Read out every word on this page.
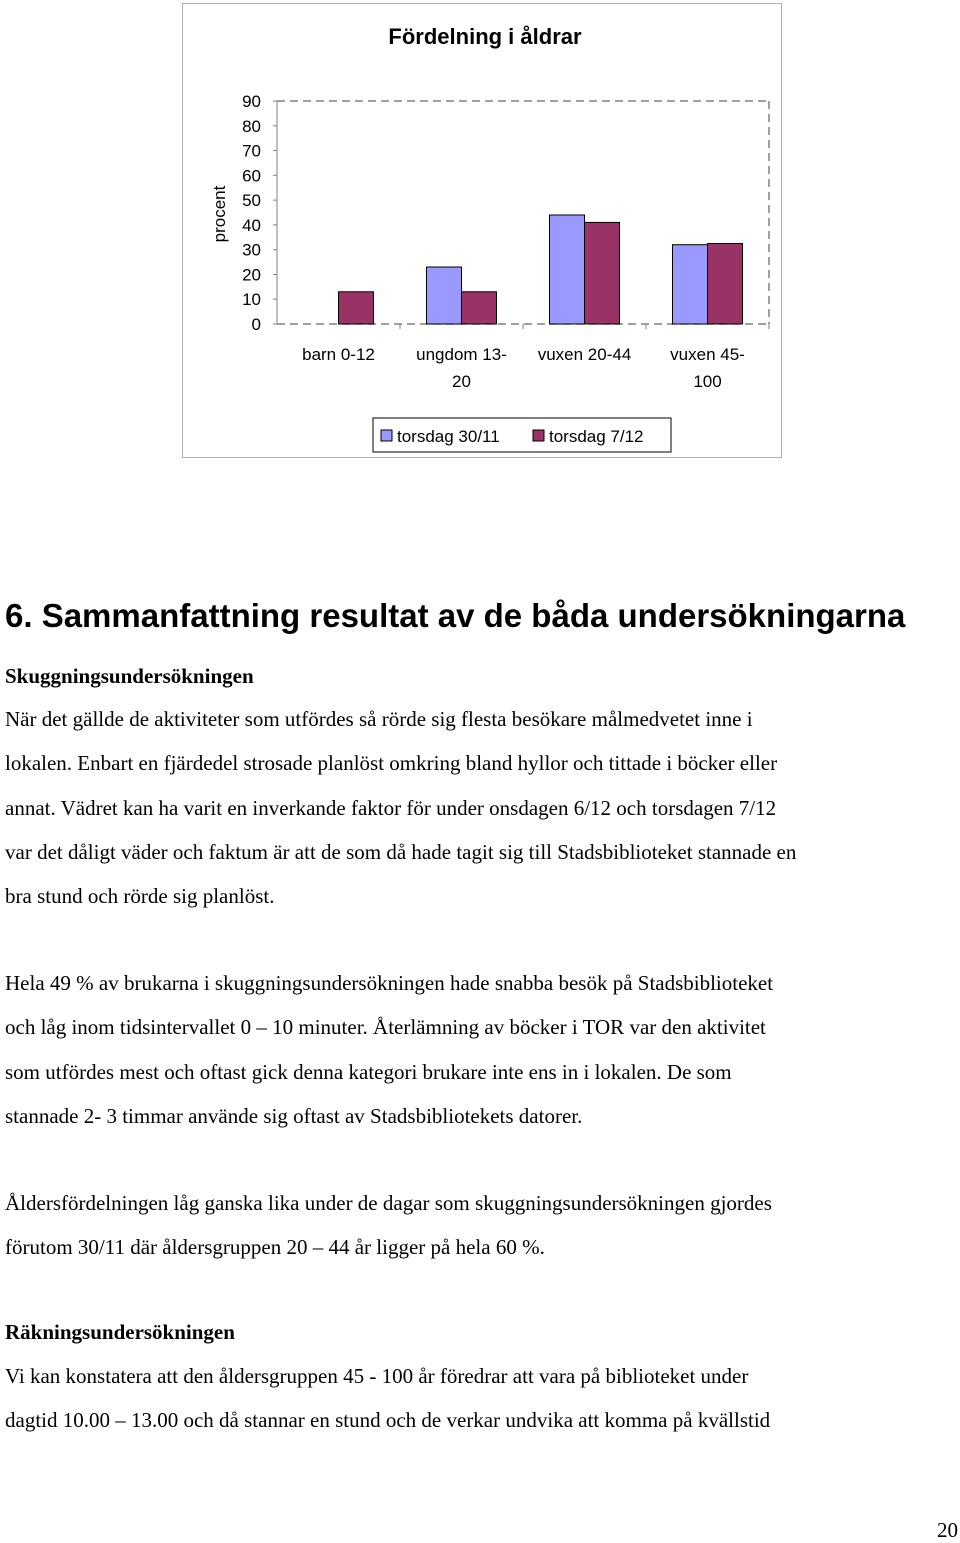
Fördelning i åldrar
procent
90
80
70
60
50
40
30
20
10
0
barn 0-12 ungdom 13-
20
vuxen 20-44 vuxen 45-
100
torsdag 30/11	torsdag 7/12
6. Sammanfattning resultat av de båda undersökningarna

Skuggningsundersökningen

När det gällde de aktiviteter som utfördes så rörde sig flesta besökare målmedvetet inne i
lokalen. Enbart en fjärdedel strosade planlöst omkring bland hyllor och tittade i böcker eller
annat. Vädret kan ha varit en inverkande faktor för under onsdagen 6/12 och torsdagen 7/12
var det dåligt väder och faktum är att de som då hade tagit sig till Stadsbiblioteket stannade en
bra stund och rörde sig planlöst.

Hela 49 % av brukarna i skuggningsundersökningen hade snabba besök på Stadsbiblioteket
och låg inom tidsintervallet 0 – 10 minuter. Återlämning av böcker i TOR var den aktivitet
som utfördes mest och oftast gick denna kategori brukare inte ens in i lokalen. De som
stannade 2- 3 timmar använde sig oftast av Stadsbibliotekets datorer.

Åldersfördelningen låg ganska lika under de dagar som skuggningsundersökningen gjordes
förutom 30/11 där åldersgruppen 20 – 44 år ligger på hela 60 %.

Räkningsundersökningen

Vi kan konstatera att den åldersgruppen 45 - 100 år föredrar att vara på biblioteket under
dagtid 10.00 – 13.00 och då stannar en stund och de verkar undvika att komma på kvällstid

20
